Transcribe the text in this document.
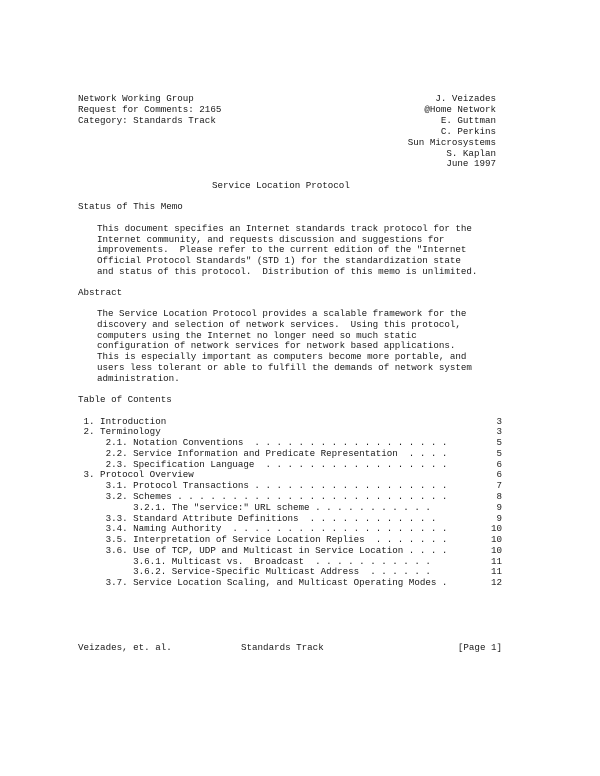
Network Working Group
Request for Comments: 2165
Category: Standards Track
J. Veizades
@Home Network
E. Guttman
C. Perkins
Sun Microsystems
S. Kaplan
June 1997
Service Location Protocol
Status of This Memo
This document specifies an Internet standards track protocol for the
Internet community, and requests discussion and suggestions for
improvements.  Please refer to the current edition of the "Internet
Official Protocol Standards" (STD 1) for the standardization state
and status of this protocol.  Distribution of this memo is unlimited.
Abstract
The Service Location Protocol provides a scalable framework for the
discovery and selection of network services.  Using this protocol,
computers using the Internet no longer need so much static
configuration of network services for network based applications.
This is especially important as computers become more portable, and
users less tolerant or able to fulfill the demands of network system
administration.
Table of Contents
1. Introduction	3
2. Terminology	3
2.1. Notation Conventions  . . . . . . . . . . . . . . . . . .	5
2.2. Service Information and Predicate Representation  . . . .	5
2.3. Specification Language  . . . . . . . . . . . . . . . . .	6
3. Protocol Overview	6
3.1. Protocol Transactions . . . . . . . . . . . . . . . . . .	7
3.2. Schemes . . . . . . . . . . . . . . . . . . . . . . . . .	8
3.2.1. The "service:" URL scheme . . . . . . . . . . .	9
3.3. Standard Attribute Definitions  . . . . . . . . . . . .	9
3.4. Naming Authority  . . . . . . . . . . . . . . . . . . . .	10
3.5. Interpretation of Service Location Replies  . . . . . . .	10
3.6. Use of TCP, UDP and Multicast in Service Location . . . .	10
3.6.1. Multicast vs.  Broadcast  . . . . . . . . . . .	11
3.6.2. Service-Specific Multicast Address  . . . . . .	11
3.7. Service Location Scaling, and Multicast Operating Modes .	12
Veizades, et. al.	Standards Track	[Page 1]
